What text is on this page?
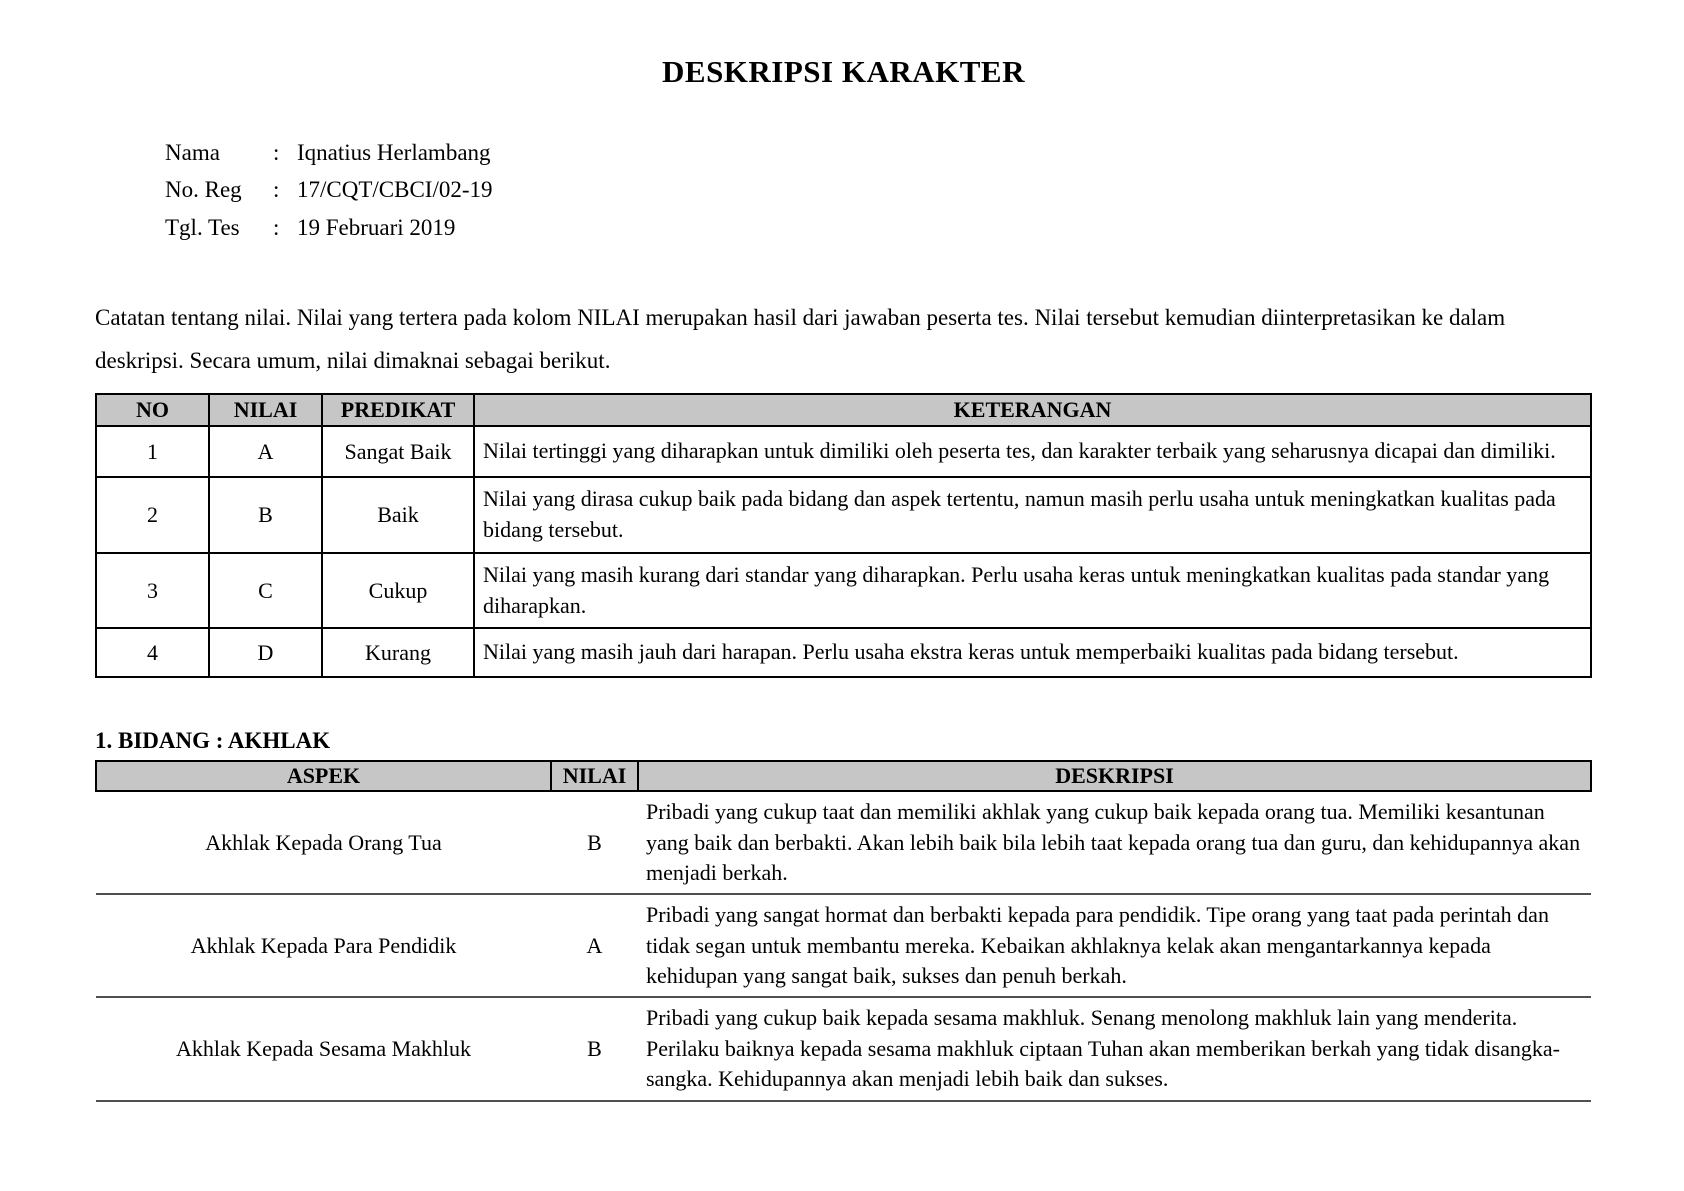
DESKRIPSI KARAKTER
Nama	: Iqnatius Herlambang
No. Reg	: 17/CQT/CBCI/02-19
Tgl. Tes	: 19 Februari 2019

Catatan tentang nilai. Nilai yang tertera pada kolom NILAI merupakan hasil dari jawaban peserta tes. Nilai tersebut kemudian diinterpretasikan ke dalam deskripsi. Secara umum, nilai dimaknai sebagai berikut.

NO	NILAI	PREDIKAT	KETERANGAN
1	A	Sangat Baik	Nilai tertinggi yang diharapkan untuk dimiliki oleh peserta tes, dan karakter terbaik yang seharusnya dicapai dan dimiliki.
2	B	Baik	Nilai yang dirasa cukup baik pada bidang dan aspek tertentu, namun masih perlu usaha untuk meningkatkan kualitas pada bidang tersebut.
3	C	Cukup	Nilai yang masih kurang dari standar yang diharapkan. Perlu usaha keras untuk meningkatkan kualitas pada standar yang diharapkan.
4	D	Kurang	Nilai yang masih jauh dari harapan. Perlu usaha ekstra keras untuk memperbaiki kualitas pada bidang tersebut.
1. BIDANG : AKHLAK
ASPEK	NILAI	DESKRIPSI
Akhlak Kepada Orang Tua	B	Pribadi yang cukup taat dan memiliki akhlak yang cukup baik kepada orang tua. Memiliki kesantunan yang baik dan berbakti. Akan lebih baik bila lebih taat kepada orang tua dan guru, dan kehidupannya akan menjadi berkah.
Akhlak Kepada Para Pendidik	A	Pribadi yang sangat hormat dan berbakti kepada para pendidik. Tipe orang yang taat pada perintah dan tidak segan untuk membantu mereka. Kebaikan akhlaknya kelak akan mengantarkannya kepada kehidupan yang sangat baik, sukses dan penuh berkah.
Akhlak Kepada Sesama Makhluk	B	Pribadi yang cukup baik kepada sesama makhluk. Senang menolong makhluk lain yang menderita. Perilaku baiknya kepada sesama makhluk ciptaan Tuhan akan memberikan berkah yang tidak disangka-sangka. Kehidupannya akan menjadi lebih baik dan sukses.
